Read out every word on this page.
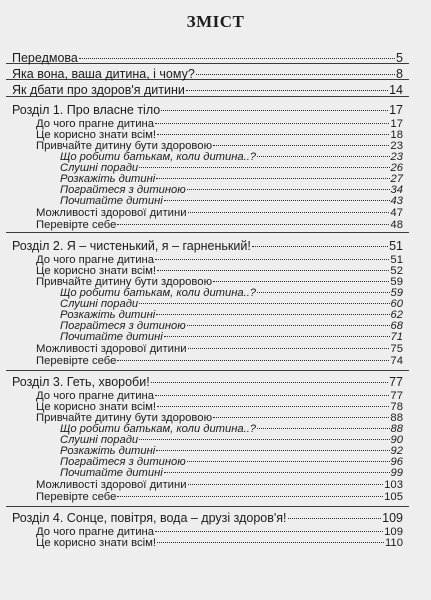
ЗМІСТ
Передмова	5
Яка вона, ваша дитина, і чому?	8
Як дбати про здоров'я дитини	14
Розділ 1. Про власне тіло	17
До чого прагне дитина	17
Це корисно знати всім!	18
Привчайте дитину бути здоровою	23
Що робити батькам, коли дитина..?	23
Слушні поради	26
Розкажіть дитині	27
Пограйтеся з дитиною	34
Почитайте дитині	43
Можливості здорової дитини	47
Перевірте себе	48
Розділ 2. Я – чистенький, я – гарненький!	51
До чого прагне дитина	51
Це корисно знати всім!	52
Привчайте дитину бути здоровою	59
Що робити батькам, коли дитина..?	59
Слушні поради	60
Розкажіть дитині	62
Пограйтеся з дитиною	68
Почитайте дитині	71
Можливості здорової дитини	75
Перевірте себе	74
Розділ 3. Геть, хвороби!	77
До чого прагне дитина	77
Це корисно знати всім!	78
Привчайте дитину бути здоровою	88
Що робити батькам, коли дитина..?	88
Слушні поради	90
Розкажіть дитині	92
Пограйтеся з дитиною	96
Почитайте дитині	99
Можливості здорової дитини	103
Перевірте себе	105
Розділ 4. Сонце, повітря, вода – друзі здоров'я!	109
До чого прагне дитина	109
Це корисно знати всім!	110
